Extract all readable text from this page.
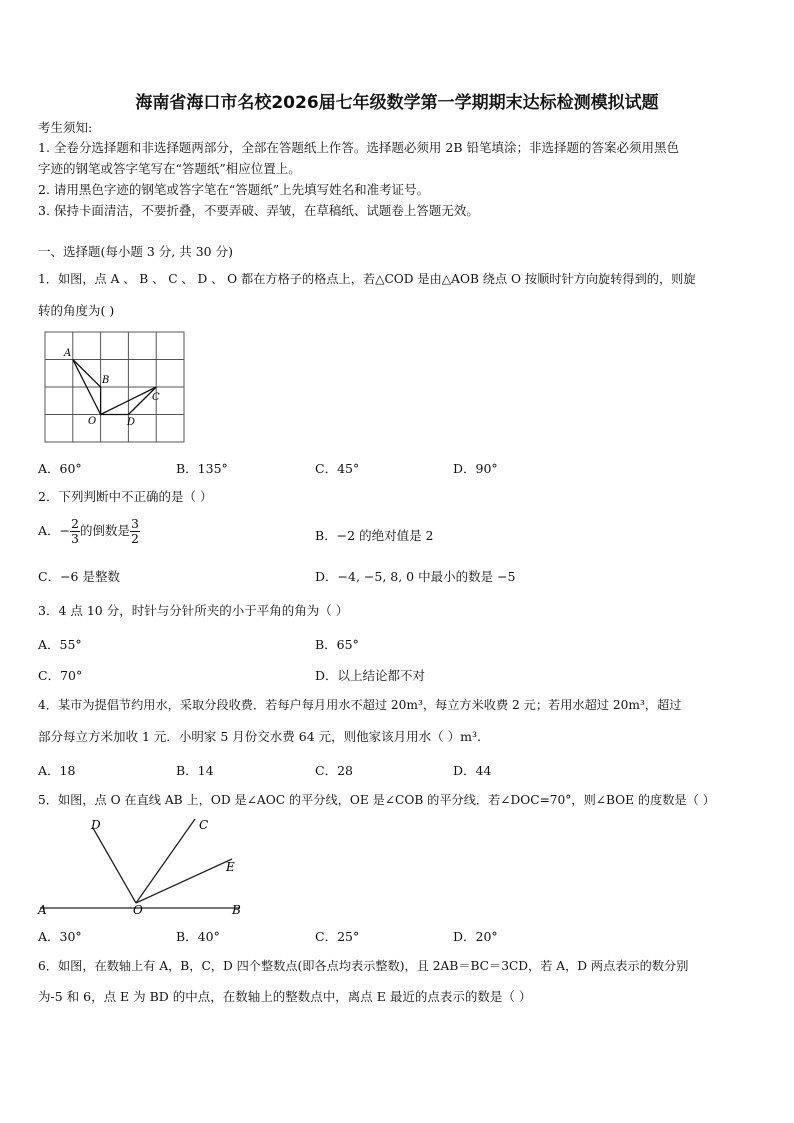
海南省海口市名校2026届七年级数学第一学期期末达标检测模拟试题
考生须知:
1. 全卷分选择题和非选择题两部分，全部在答题纸上作答。选择题必须用 2B 铅笔填涂；非选择题的答案必须用黑色
字迹的钢笔或答字笔写在“答题纸”相应位置上。
2. 请用黑色字迹的钢笔或答字笔在“答题纸”上先填写姓名和准考证号。
3. 保持卡面清洁，不要折叠，不要弄破、弄皱，在草稿纸、试题卷上答题无效。
一、选择题(每小题 3 分, 共 30 分)
1．如图，点 A 、 B 、 C 、 D 、 O 都在方格子的格点上，若△COD 是由△AOB 绕点 O 按顺时针方向旋转得到的，则旋
转的角度为( )
A
B
C
O	D
A．60°	B．135°	C．45°	D．90°
2．下列判断中不正确的是（ ）
A．− $\frac{2}{3}$ 的倒数是 $\frac{3}{2}$	B．−2 的绝对值是 2
C．−6 是整数	D．−4, −5, 8, 0 中最小的数是 −5
3．4 点 10 分，时针与分针所夹的小于平角的角为（ ）
A．55°	B．65°
C．70°	D．以上结论都不对
4．某市为提倡节约用水，采取分段收费．若每户每月用水不超过 20m³，每立方米收费 2 元；若用水超过 20m³，超过
部分每立方米加收 1 元．小明家 5 月份交水费 64 元，则他家该月用水（ ）m³.
A．18	B．14	C．28	D．44
5．如图，点 O 在直线 AB 上，OD 是∠AOC 的平分线，OE 是∠COB 的平分线．若∠DOC=70°，则∠BOE 的度数是（ ）
D	C
E
A	O	B
A．30°	B．40°	C．25°	D．20°
6．如图，在数轴上有 A，B，C，D 四个整数点(即各点均表示整数)，且 2AB＝BC＝3CD，若 A，D 两点表示的数分别
为-5 和 6，点 E 为 BD 的中点，在数轴上的整数点中，离点 E 最近的点表示的数是（ ）
